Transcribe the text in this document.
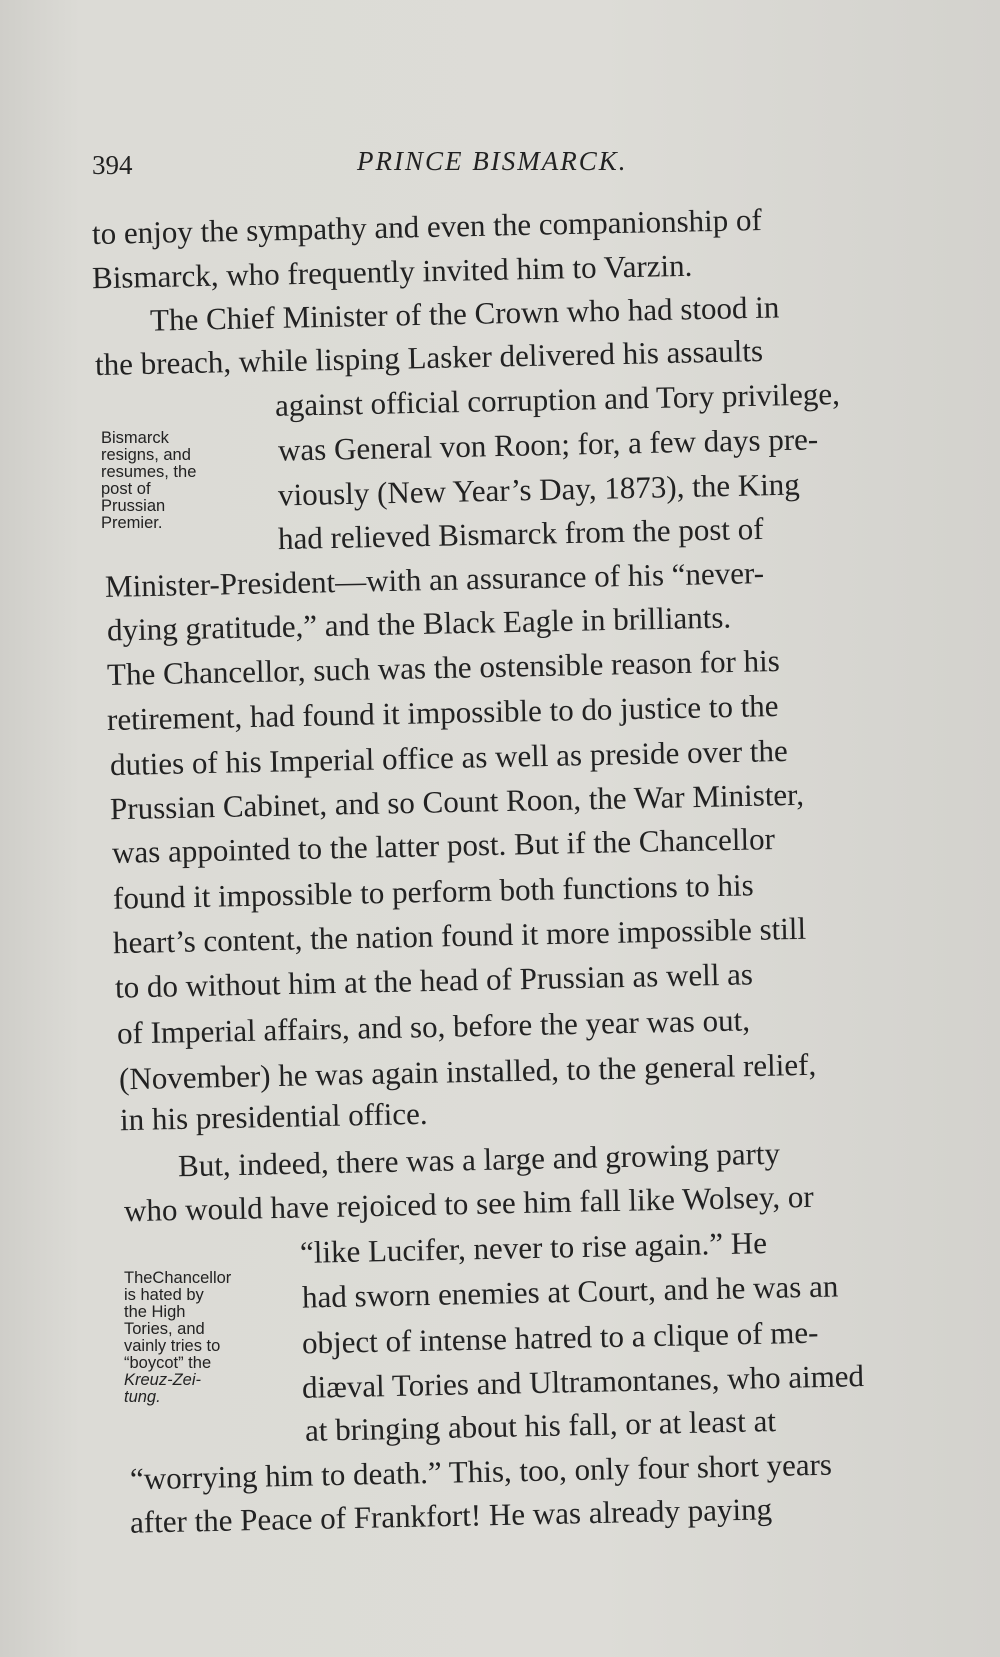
394	PRINCE BISMARCK.
to enjoy the sympathy and even the companionship of
Bismarck, who frequently invited him to Varzin.
The Chief Minister of the Crown who had stood in
the breach, while lisping Lasker delivered his assaults
against official corruption and Tory privilege,
was General von Roon; for, a few days pre-
viously (New Year’s Day, 1873), the King
had relieved Bismarck from the post of
Minister-President—with an assurance of his “never-
dying gratitude,” and the Black Eagle in brilliants.
The Chancellor, such was the ostensible reason for his
retirement, had found it impossible to do justice to the
duties of his Imperial office as well as preside over the
Prussian Cabinet, and so Count Roon, the War Minister,
was appointed to the latter post. But if the Chancellor
found it impossible to perform both functions to his
heart’s content, the nation found it more impossible still
to do without him at the head of Prussian as well as
of Imperial affairs, and so, before the year was out,
(November) he was again installed, to the general relief,
in his presidential office.
But, indeed, there was a large and growing party
who would have rejoiced to see him fall like Wolsey, or
“like Lucifer, never to rise again.” He
had sworn enemies at Court, and he was an
object of intense hatred to a clique of me-
diæval Tories and Ultramontanes, who aimed
at bringing about his fall, or at least at
“worrying him to death.” This, too, only four short years
after the Peace of Frankfort! He was already paying
Bismarck
resigns, and
resumes, the
post of
Prussian
Premier.
TheChancellor
is hated by
the High
Tories, and
vainly tries to
“boycot” the
Kreuz-Zei-
tung.
